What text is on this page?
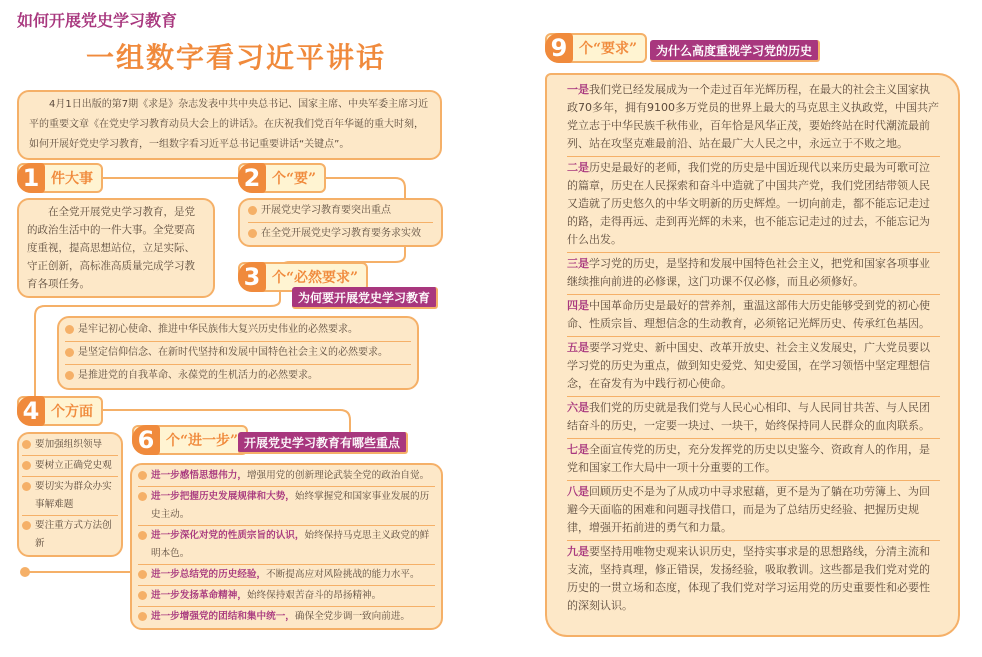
如何开展党史学习教育
一组数字看习近平讲话
4月1日出版的第7期《求是》杂志发表中共中央总书记、国家主席、中央军委主席习近平的重要文章《在党史学习教育动员大会上的讲话》。在庆祝我们党百年华诞的重大时刻，如何开展好党史学习教育，一组数字看习近平总书记重要讲话“关键点”。
1 件大事
在全党开展党史学习教育，是党的政治生活中的一件大事。全党要高度重视，提高思想站位，立足实际、守正创新，高标准高质量完成学习教育各项任务。
2 个“要”
开展党史学习教育要突出重点
在全党开展党史学习教育要务求实效
3 个“必然要求”
为何要开展党史学习教育
是牢记初心使命、推进中华民族伟大复兴历史伟业的必然要求。
是坚定信仰信念、在新时代坚持和发展中国特色社会主义的必然要求。
是推进党的自我革命、永葆党的生机活力的必然要求。
4 个方面
要加强组织领导
要树立正确党史观
要切实为群众办实事解难题
要注重方式方法创新
6 个“进一步” 开展党史学习教育有哪些重点
进一步感悟思想伟力，增强用党的创新理论武装全党的政治自觉。
进一步把握历史发展规律和大势，始终掌握党和国家事业发展的历史主动。
进一步深化对党的性质宗旨的认识，始终保持马克思主义政党的鲜明本色。
进一步总结党的历史经验，不断提高应对风险挑战的能力水平。
进一步发扬革命精神，始终保持艰苦奋斗的昂扬精神。
进一步增强党的团结和集中统一，确保全党步调一致向前进。
9 个“要求”	为什么高度重视学习党的历史
一是我们党已经发展成为一个走过百年光辉历程，在最大的社会主义国家执政70多年，拥有9100多万党员的世界上最大的马克思主义执政党，中国共产党立志于中华民族千秋伟业，百年恰是风华正茂，要始终站在时代潮流最前列、站在攻坚克难最前沿、站在最广大人民之中，永远立于不败之地。
二是历史是最好的老师，我们党的历史是中国近现代以来历史最为可歌可泣的篇章，历史在人民探索和奋斗中造就了中国共产党，我们党团结带领人民又造就了历史悠久的中华文明新的历史辉煌。一切向前走，都不能忘记走过的路，走得再远、走到再光辉的未来，也不能忘记走过的过去，不能忘记为什么出发。
三是学习党的历史，是坚持和发展中国特色社会主义，把党和国家各项事业继续推向前进的必修课，这门功课不仅必修，而且必须修好。
四是中国革命历史是最好的营养剂，重温这部伟大历史能够受到党的初心使命、性质宗旨、理想信念的生动教育，必须铭记光辉历史、传承红色基因。
五是要学习党史、新中国史、改革开放史、社会主义发展史，广大党员要以学习党的历史为重点，做到知史爱党、知史爱国，在学习领悟中坚定理想信念，在奋发有为中践行初心使命。
六是我们党的历史就是我们党与人民心心相印、与人民同甘共苦、与人民团结奋斗的历史，一定要一块过、一块干，始终保持同人民群众的血肉联系。
七是全面宣传党的历史，充分发挥党的历史以史鉴今、资政育人的作用，是党和国家工作大局中一项十分重要的工作。
八是回顾历史不是为了从成功中寻求慰藉，更不是为了躺在功劳簿上、为回避今天面临的困难和问题寻找借口，而是为了总结历史经验、把握历史规律，增强开拓前进的勇气和力量。
九是要坚持用唯物史观来认识历史，坚持实事求是的思想路线，分清主流和支流，坚持真理，修正错误，发扬经验，吸取教训。这些都是我们党对党的历史的一贯立场和态度，体现了我们党对学习运用党的历史重要性和必要性的深刻认识。
